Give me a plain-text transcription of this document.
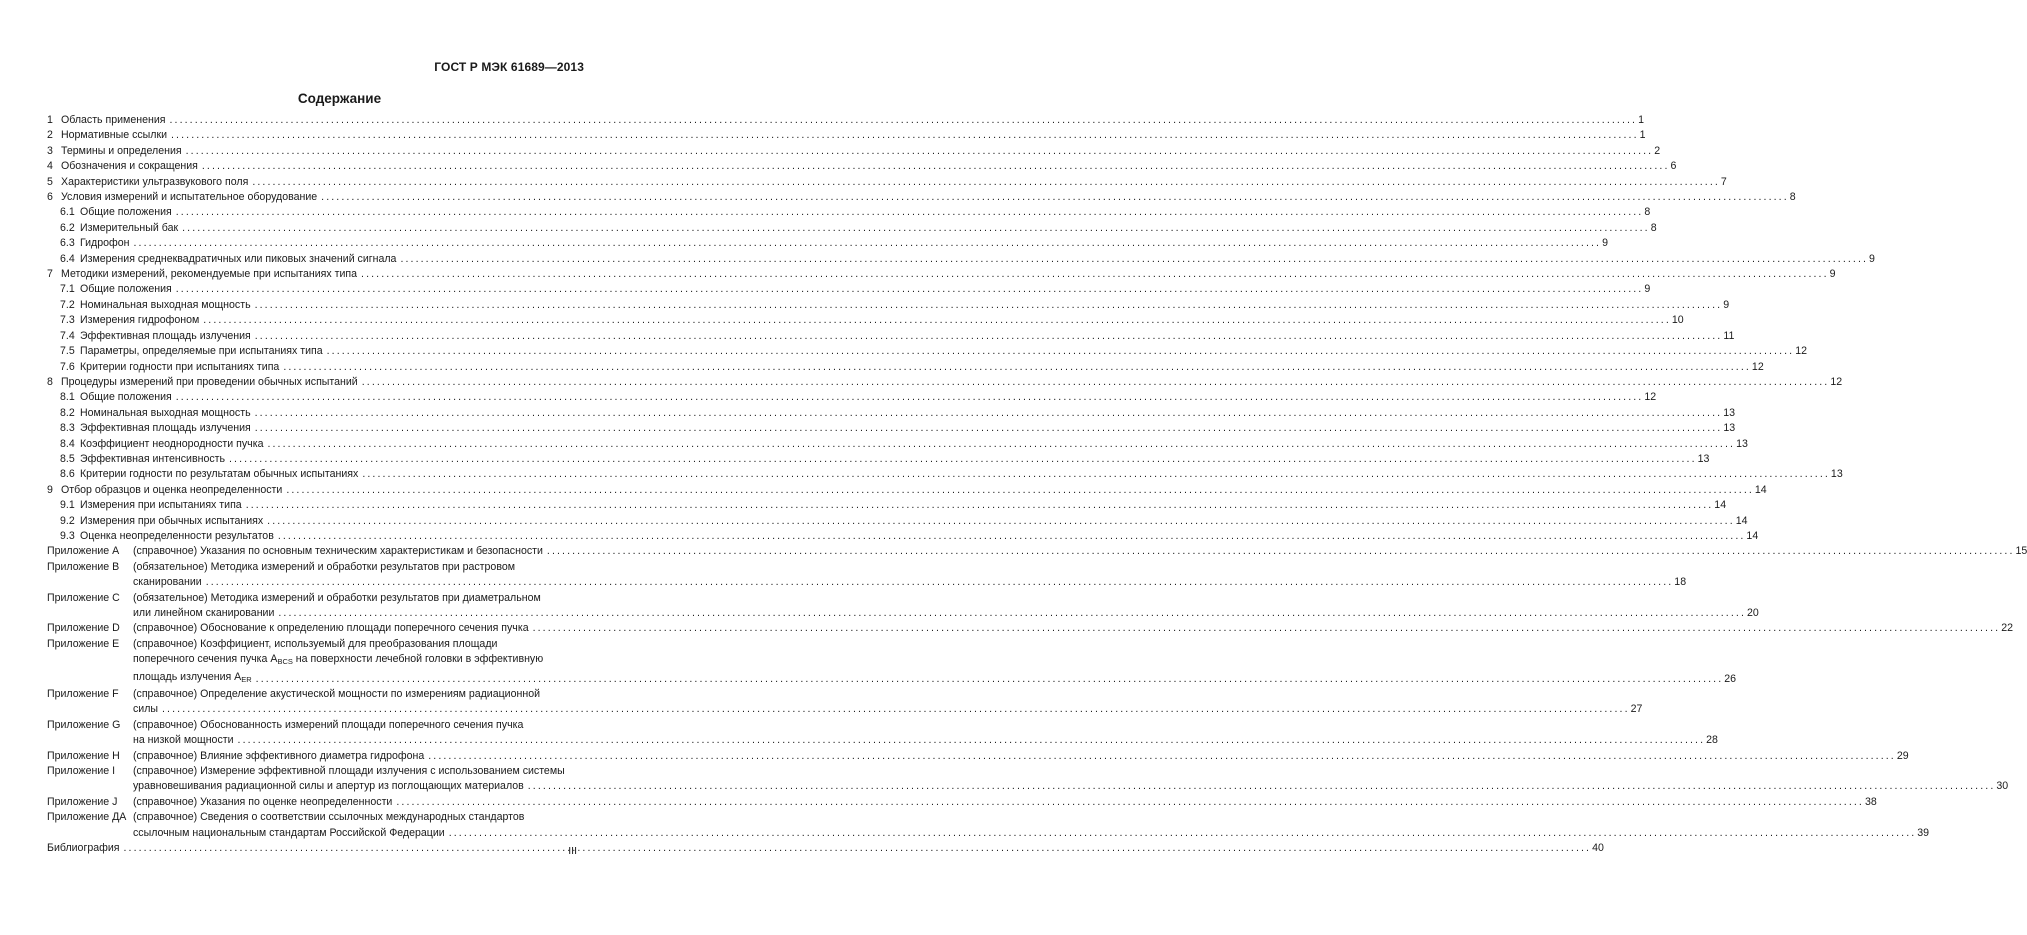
ГОСТ Р МЭК 61689—2013
Содержание
1 Область применения .....	1
2 Нормативные ссылки .....	1
3 Термины и определения .....	2
4 Обозначения и сокращения .....	6
5 Характеристики ультразвукового поля .....	7
6 Условия измерений и испытательное оборудование .....	8
6.1 Общие положения .....	8
6.2 Измерительный бак .....	8
6.3 Гидрофон .....	9
6.4 Измерения среднеквадратичных или пиковых значений сигнала .....	9
7 Методики измерений, рекомендуемые при испытаниях типа .....	9
7.1 Общие положения .....	9
7.2 Номинальная выходная мощность .....	9
7.3 Измерения гидрофоном .....	10
7.4 Эффективная площадь излучения .....	11
7.5 Параметры, определяемые при испытаниях типа .....	12
7.6 Критерии годности при испытаниях типа .....	12
8 Процедуры измерений при проведении обычных испытаний .....	12
8.1 Общие положения .....	12
8.2 Номинальная выходная мощность .....	13
8.3 Эффективная площадь излучения .....	13
8.4 Коэффициент неоднородности пучка .....	13
8.5 Эффективная интенсивность .....	13
8.6 Критерии годности по результатам обычных испытаниях .....	13
9 Отбор образцов и оценка неопределенности .....	14
9.1 Измерения при испытаниях типа .....	14
9.2 Измерения при обычных испытаниях .....	14
9.3 Оценка неопределенности результатов .....	14
Приложение А	(справочное) Указания по основным техническим характеристикам и безопасности .....	15
Приложение В	(обязательное) Методика измерений и обработки результатов при растровом
сканировании .....	18
Приложение С	(обязательное) Методика измерений и обработки результатов при диаметральном
или линейном сканировании .....	20
Приложение D	(справочное) Обоснование к определению площади поперечного сечения пучка .....	22
Приложение Е	(справочное) Коэффициент, используемый для преобразования площади
поперечного сечения пучка ABCS на поверхности лечебной головки в эффективную
площадь излучения AER .....	26
Приложение F	(справочное) Определение акустической мощности по измерениям радиационной
силы .....	27
Приложение G	(справочное) Обоснованность измерений площади поперечного сечения пучка
на низкой мощности .....	28
Приложение Н	(справочное) Влияние эффективного диаметра гидрофона .....	29
Приложение I	(справочное) Измерение эффективной площади излучения с использованием системы
уравновешивания радиационной силы и апертур из поглощающих материалов .....	30
Приложение J	(справочное) Указания по оценке неопределенности .....	38
Приложение ДА (справочное) Сведения о соответствии ссылочных международных стандартов
ссылочным национальным стандартам Российской Федерации .....	39
Библиография .....	40
III
